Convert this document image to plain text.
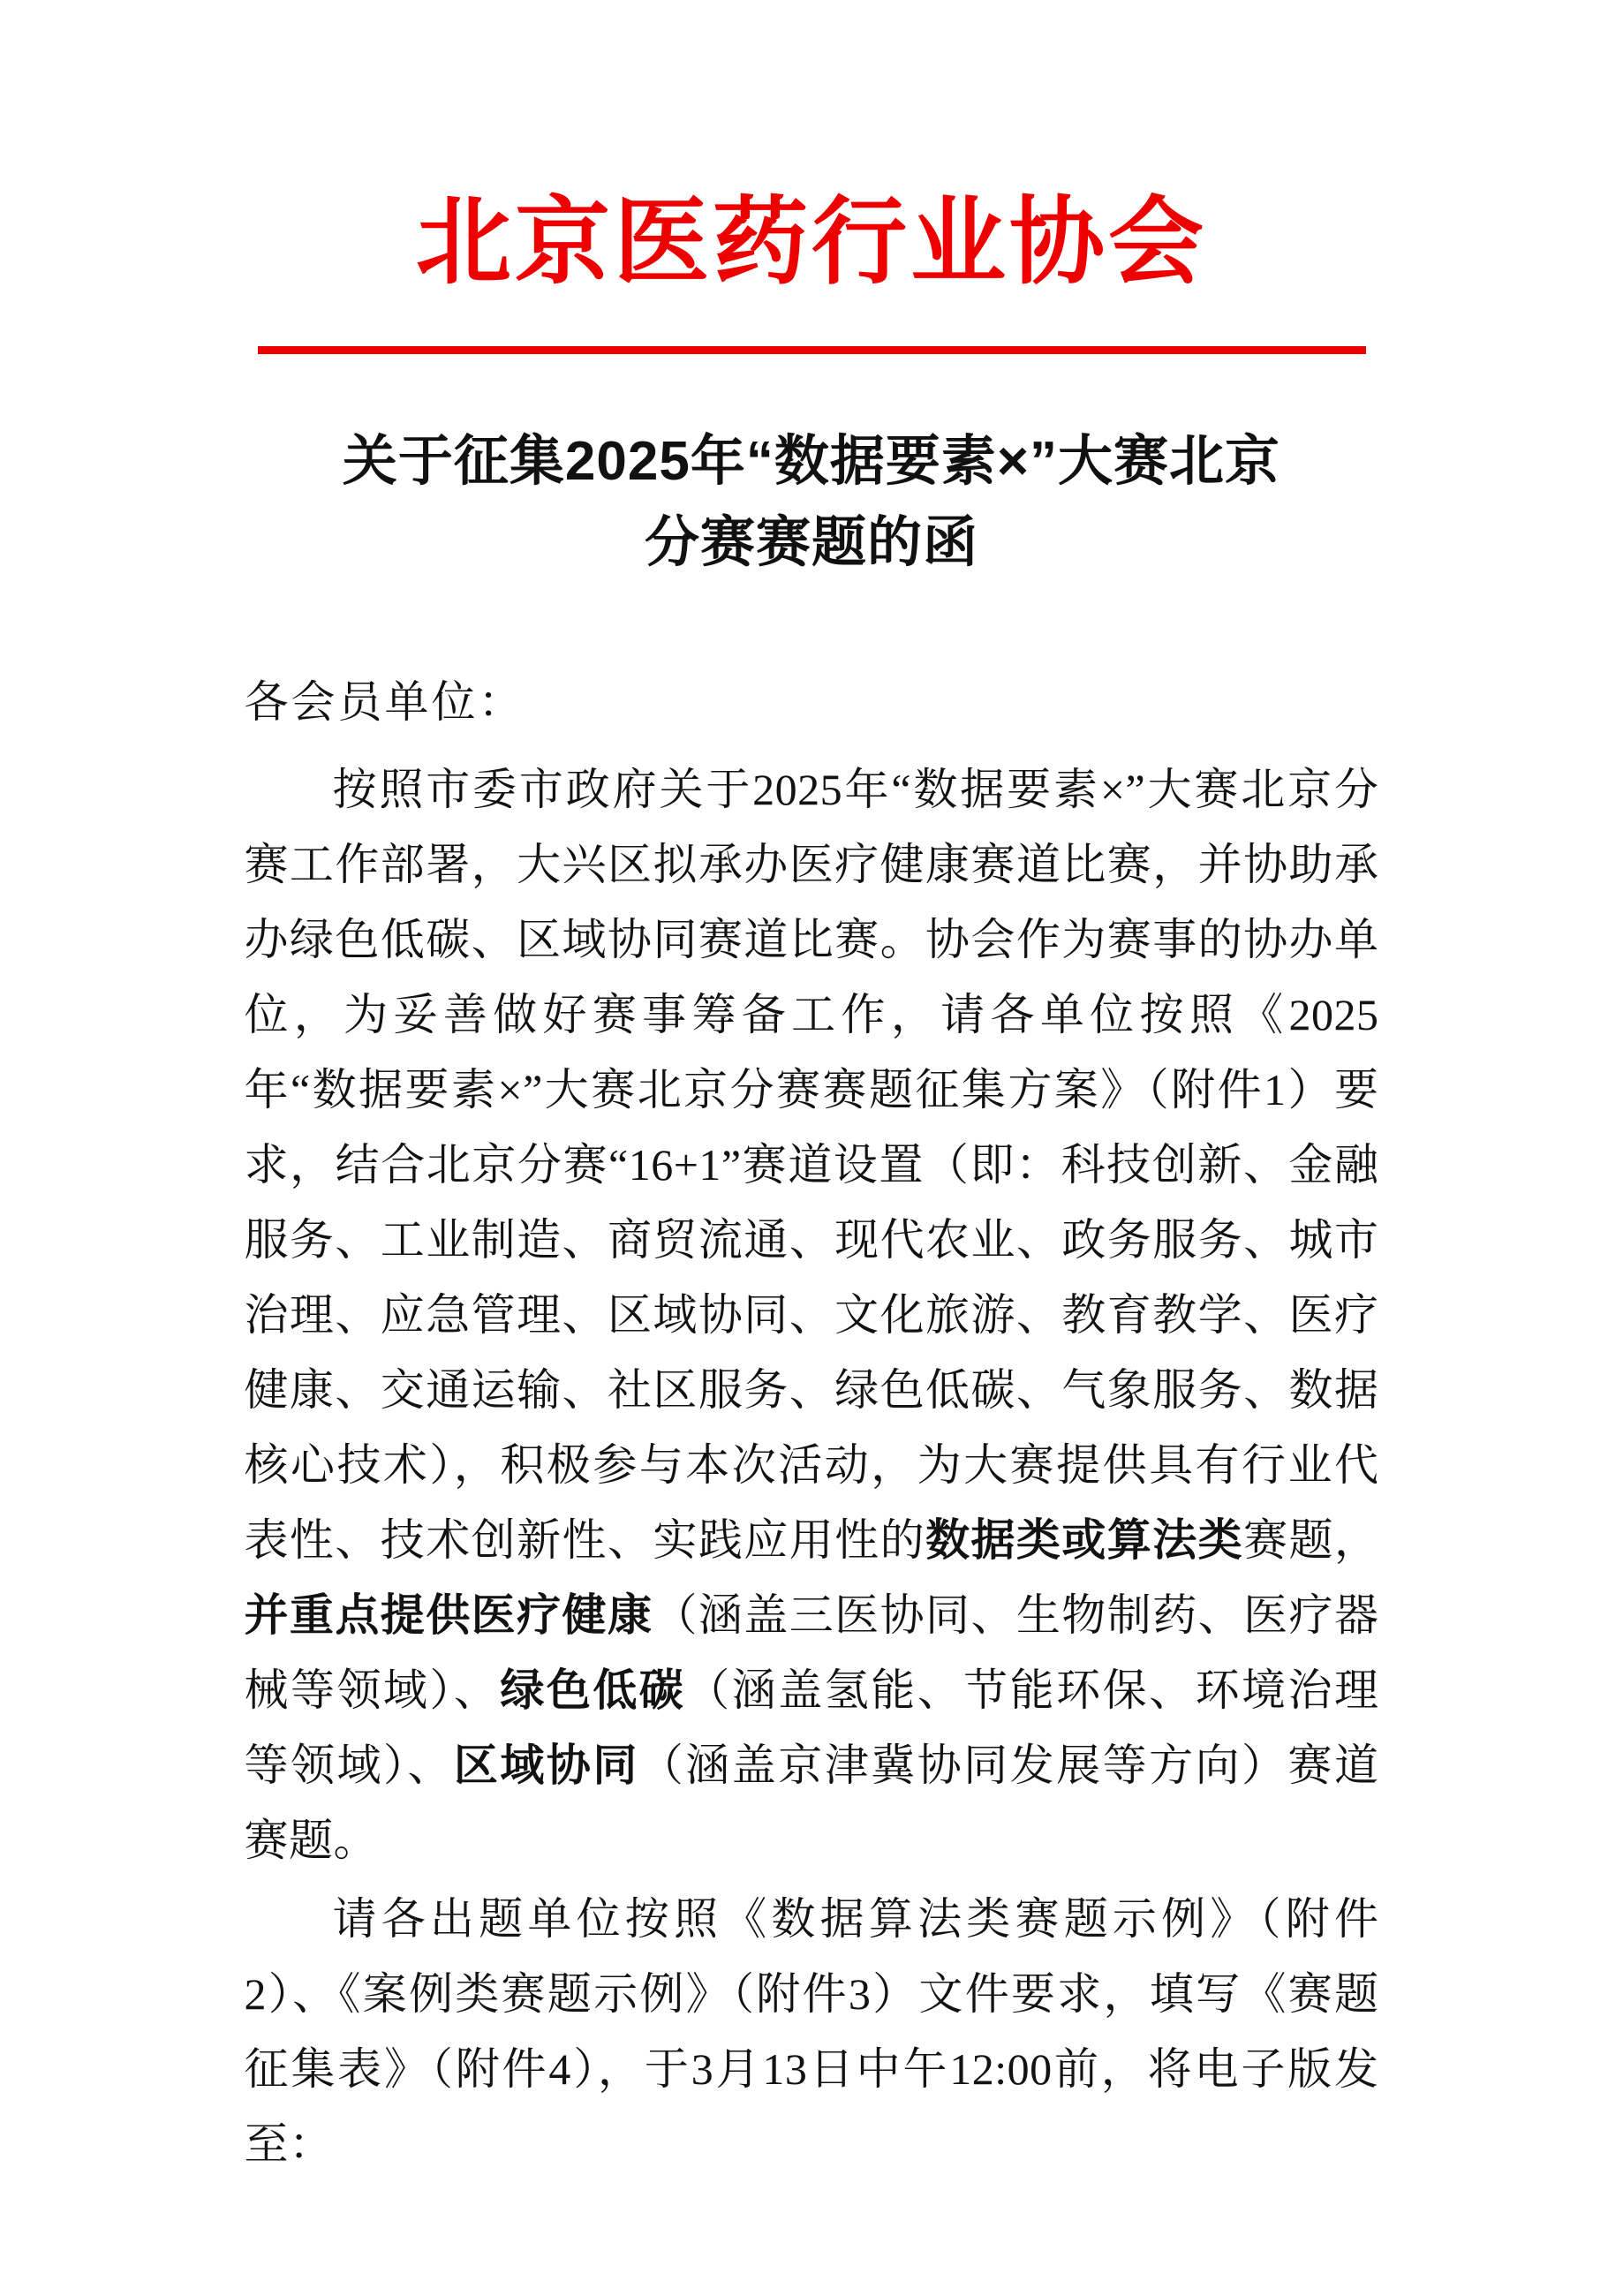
北京医药行业协会
关于征集2025年“数据要素×”大赛北京
分赛赛题的函

各会员单位：

按照市委市政府关于2025年“数据要素×”大赛北京分赛工作部署，大兴区拟承办医疗健康赛道比赛，并协助承办绿色低碳、区域协同赛道比赛。协会作为赛事的协办单位，为妥善做好赛事筹备工作，请各单位按照《2025年“数据要素×”大赛北京分赛赛题征集方案》（附件1）要求，结合北京分赛“16+1”赛道设置（即：科技创新、金融服务、工业制造、商贸流通、现代农业、政务服务、城市治理、应急管理、区域协同、文化旅游、教育教学、医疗健康、交通运输、社区服务、绿色低碳、气象服务、数据核心技术），积极参与本次活动，为大赛提供具有行业代表性、技术创新性、实践应用性的数据类或算法类赛题，并重点提供医疗健康（涵盖三医协同、生物制药、医疗器械等领域）、绿色低碳（涵盖氢能、节能环保、环境治理等领域）、区域协同（涵盖京津冀协同发展等方向）赛道赛题。

请各出题单位按照《数据算法类赛题示例》（附件2）、《案例类赛题示例》（附件3）文件要求，填写《赛题征集表》（附件4），于3月13日中午12:00前，将电子版发至：
